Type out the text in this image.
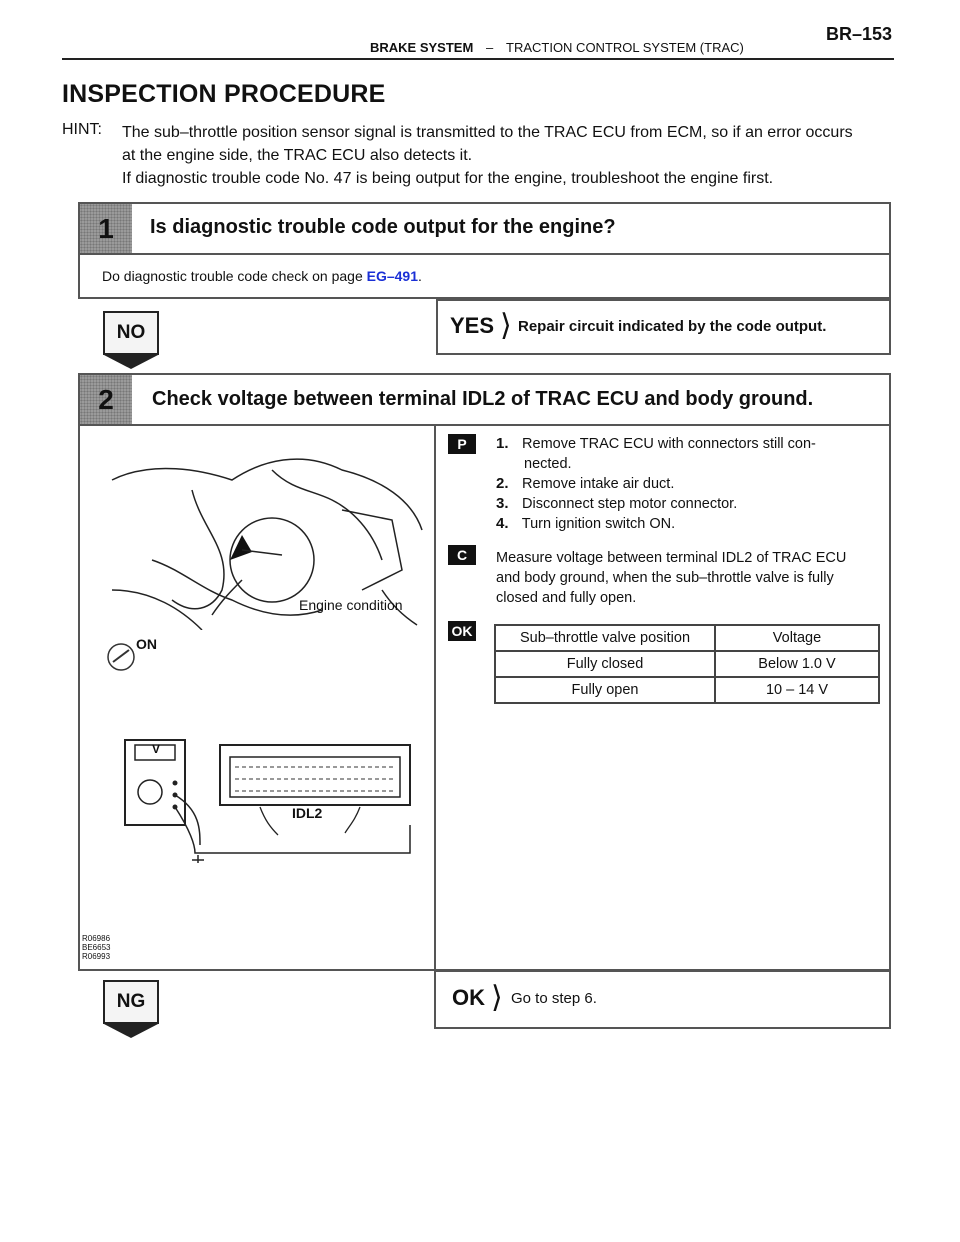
BRAKE SYSTEM – TRACTION CONTROL SYSTEM (TRAC)
BR–153
INSPECTION PROCEDURE
HINT: The sub–throttle position sensor signal is transmitted to the TRAC ECU from ECM, so if an error occurs
at the engine side, the TRAC ECU also detects it.
If diagnostic trouble code No. 47 is being output for the engine, troubleshoot the engine first.
1	Is diagnostic trouble code output for the engine?
Do diagnostic trouble code check on page EG–491.
NO	YES ⟩ Repair circuit indicated by the code output.
2	Check voltage between terminal IDL2 of TRAC ECU and body ground.
Engine condition
ON
V
IDL2
R06986
BE6653
R06993
P	1. Remove TRAC ECU with connectors still con-
nected.
2. Remove intake air duct.
3. Disconnect step motor connector.
4. Turn ignition switch ON.
C	Measure voltage between terminal IDL2 of TRAC ECU
and body ground, when the sub–throttle valve is fully
closed and fully open.
OK	Sub–throttle valve position	Voltage
Fully closed	Below 1.0 V
Fully open	10 – 14 V
NG	OK ⟩ Go to step 6.
